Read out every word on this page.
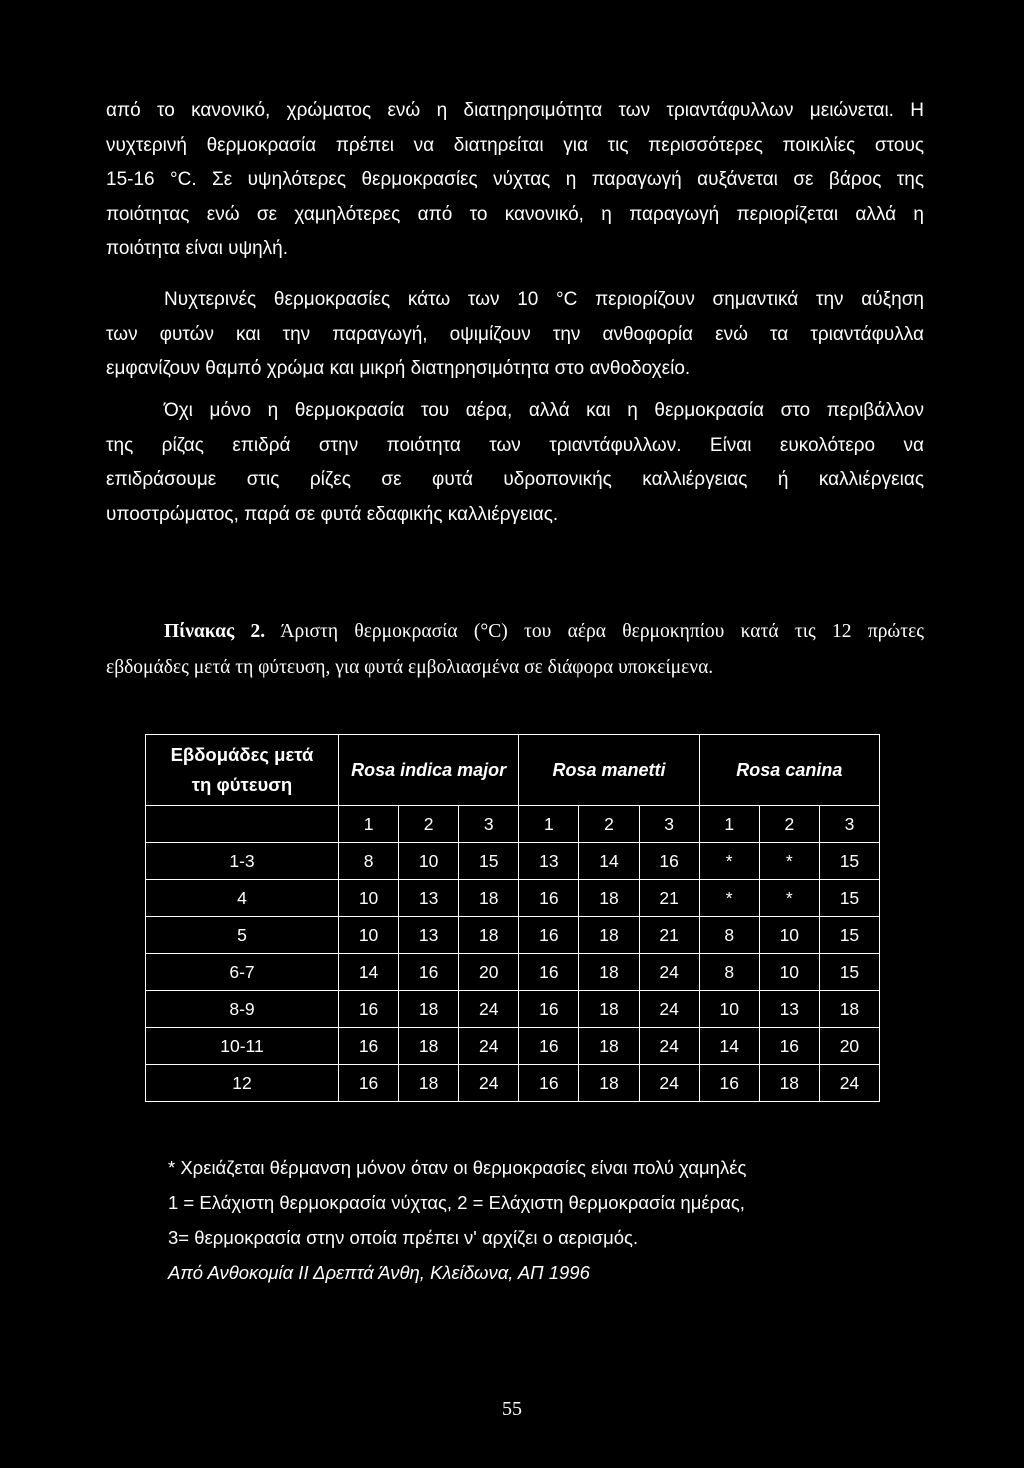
από το κανονικό, χρώματος ενώ η διατηρησιμότητα των τριαντάφυλλων μειώνεται. Η
νυχτερινή θερμοκρασία πρέπει να διατηρείται για τις περισσότερες ποικιλίες στους
15-16 °C. Σε υψηλότερες θερμοκρασίες νύχτας η παραγωγή αυξάνεται σε βάρος της
ποιότητας ενώ σε χαμηλότερες από το κανονικό, η παραγωγή περιορίζεται αλλά η
ποιότητα είναι υψηλή.

Νυχτερινές θερμοκρασίες κάτω των 10 °C περιορίζουν σημαντικά την αύξηση
των φυτών και την παραγωγή, οψιμίζουν την ανθοφορία ενώ τα τριαντάφυλλα
εμφανίζουν θαμπό χρώμα και μικρή διατηρησιμότητα στο ανθοδοχείο.

Όχι μόνο η θερμοκρασία του αέρα, αλλά και η θερμοκρασία στο περιβάλλον
της ρίζας επιδρά στην ποιότητα των τριαντάφυλλων. Είναι ευκολότερο να
επιδράσουμε στις ρίζες σε φυτά υδροπονικής καλλιέργειας ή καλλιέργειας
υποστρώματος, παρά σε φυτά εδαφικής καλλιέργειας.

Πίνακας 2. Άριστη θερμοκρασία (°C) του αέρα θερμοκηπίου κατά τις 12 πρώτες
εβδομάδες μετά τη φύτευση, για φυτά εμβολιασμένα σε διάφορα υποκείμενα.

Εβδομάδες μετά
τη φύτευση	Rosa indica major			Rosa manetti			Rosa canina		
	1	2	3	1	2	3	1	2	3
1-3	8	10	15	13	14	16	*	*	15
4	10	13	18	16	18	21	*	*	15
5	10	13	18	16	18	21	8	10	15
6-7	14	16	20	16	18	24	8	10	15
8-9	16	18	24	16	18	24	10	13	18
10-11	16	18	24	16	18	24	14	16	20
12	16	18	24	16	18	24	16	18	24
* Χρειάζεται θέρμανση μόνον όταν οι θερμοκρασίες είναι πολύ χαμηλές
1 = Ελάχιστη θερμοκρασία νύχτας, 2 = Ελάχιστη θερμοκρασία ημέρας,
3= θερμοκρασία στην οποία πρέπει ν' αρχίζει ο αερισμός.
Από Ανθοκομία ΙΙ Δρεπτά Άνθη, Κλείδωνα, ΑΠ 1996
55
